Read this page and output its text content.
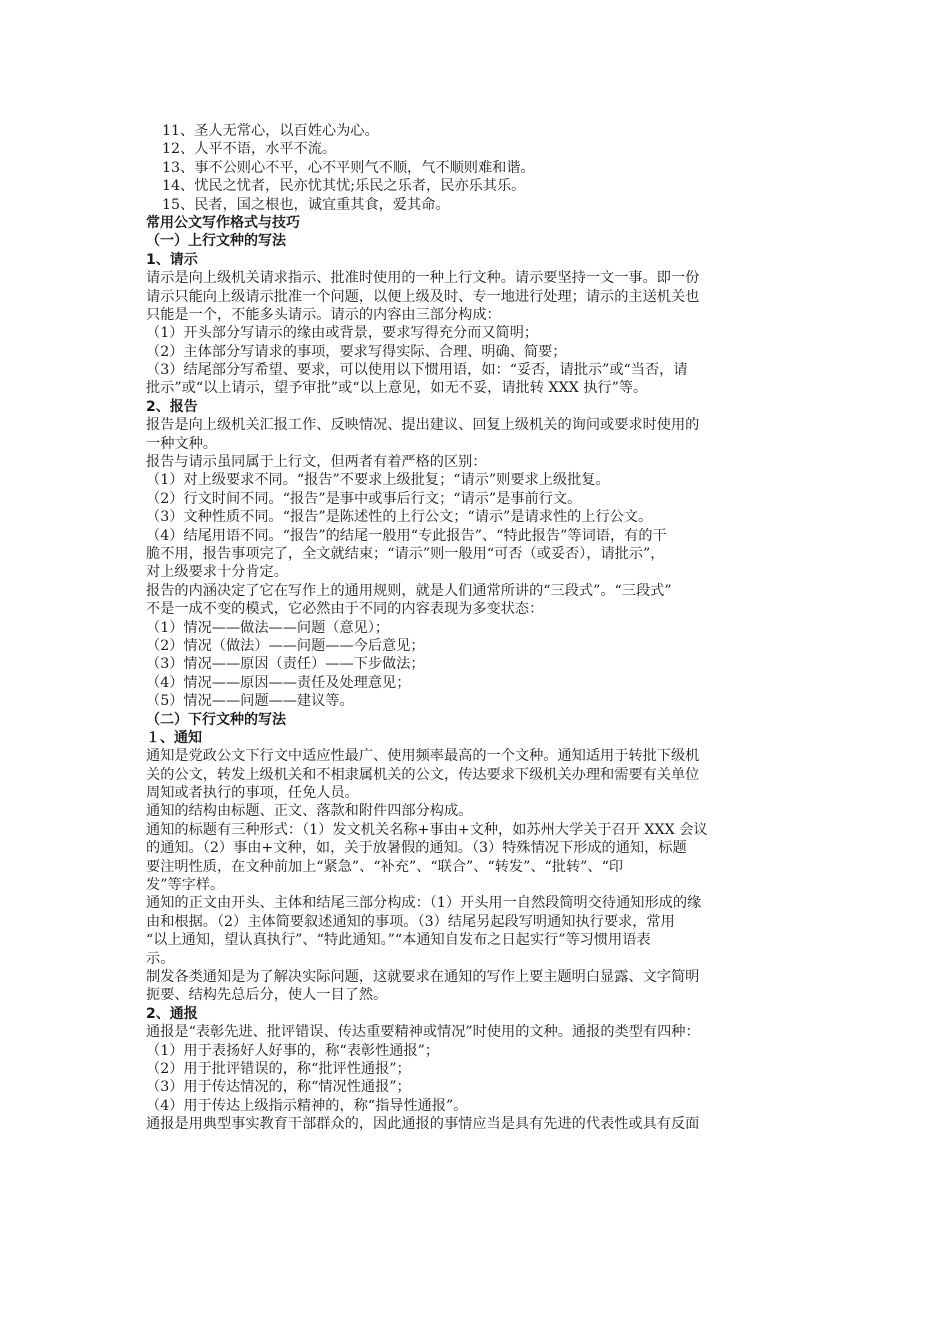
11、圣人无常心，以百姓心为心。
12、人平不语，水平不流。
13、事不公则心不平，心不平则气不顺，气不顺则难和谐。
14、忧民之忧者，民亦忧其忧;乐民之乐者，民亦乐其乐。
15、民者，国之根也，诚宜重其食，爱其命。
常用公文写作格式与技巧
（一）上行文种的写法
1、请示
请示是向上级机关请求指示、批准时使用的一种上行文种。请示要坚持一文一事。即一份
请示只能向上级请示批准一个问题，以便上级及时、专一地进行处理；请示的主送机关也
只能是一个，不能多头请示。请示的内容由三部分构成：
（1）开头部分写请示的缘由或背景，要求写得充分而又简明；
（2）主体部分写请求的事项，要求写得实际、合理、明确、简要；
（3）结尾部分写希望、要求，可以使用以下惯用语，如：“妥否，请批示”或“当否，请
批示”或“以上请示，望予审批”或“以上意见，如无不妥，请批转 XXX 执行”等。
2、报告
报告是向上级机关汇报工作、反映情况、提出建议、回复上级机关的询问或要求时使用的
一种文种。
报告与请示虽同属于上行文，但两者有着严格的区别：
（1）对上级要求不同。“报告”不要求上级批复；“请示”则要求上级批复。
（2）行文时间不同。“报告”是事中或事后行文；“请示”是事前行文。
（3）文种性质不同。“报告”是陈述性的上行公文；“请示”是请求性的上行公文。
（4）结尾用语不同。“报告”的结尾一般用“专此报告”、“特此报告”等词语，有的干
脆不用，报告事项完了，全文就结束；“请示”则一般用“可否（或妥否），请批示”，
对上级要求十分肯定。
报告的内涵决定了它在写作上的通用规则，就是人们通常所讲的“三段式”。“三段式”
不是一成不变的模式，它必然由于不同的内容表现为多变状态：
（1）情况——做法——问题（意见）；
（2）情况（做法）——问题——今后意见；
（3）情况——原因（责任）——下步做法；
（4）情况——原因——责任及处理意见；
（5）情况——问题——建议等。
（二）下行文种的写法
１、通知
通知是党政公文下行文中适应性最广、使用频率最高的一个文种。通知适用于转批下级机
关的公文，转发上级机关和不相隶属机关的公文，传达要求下级机关办理和需要有关单位
周知或者执行的事项，任免人员。
通知的结构由标题、正文、落款和附件四部分构成。
通知的标题有三种形式：（1）发文机关名称+事由+文种，如苏州大学关于召开 XXX 会议
的通知。（2）事由+文种，如，关于放暑假的通知。（3）特殊情况下形成的通知，标题
要注明性质，在文种前加上“紧急”、“补充”、“联合”、“转发”、“批转”、“印
发”等字样。
通知的正文由开头、主体和结尾三部分构成：（1）开头用一自然段简明交待通知形成的缘
由和根据。（2）主体简要叙述通知的事项。（3）结尾另起段写明通知执行要求，常用
“以上通知，望认真执行”、“特此通知。”“本通知自发布之日起实行”等习惯用语表
示。
制发各类通知是为了解决实际问题，这就要求在通知的写作上要主题明白显露、文字简明
扼要、结构先总后分，使人一目了然。
2、通报
通报是“表彰先进、批评错误、传达重要精神或情况”时使用的文种。通报的类型有四种：
（1）用于表扬好人好事的，称“表彰性通报”；
（2）用于批评错误的，称“批评性通报”；
（3）用于传达情况的，称“情况性通报”；
（4）用于传达上级指示精神的，称“指导性通报”。
通报是用典型事实教育干部群众的，因此通报的事情应当是具有先进的代表性或具有反面
